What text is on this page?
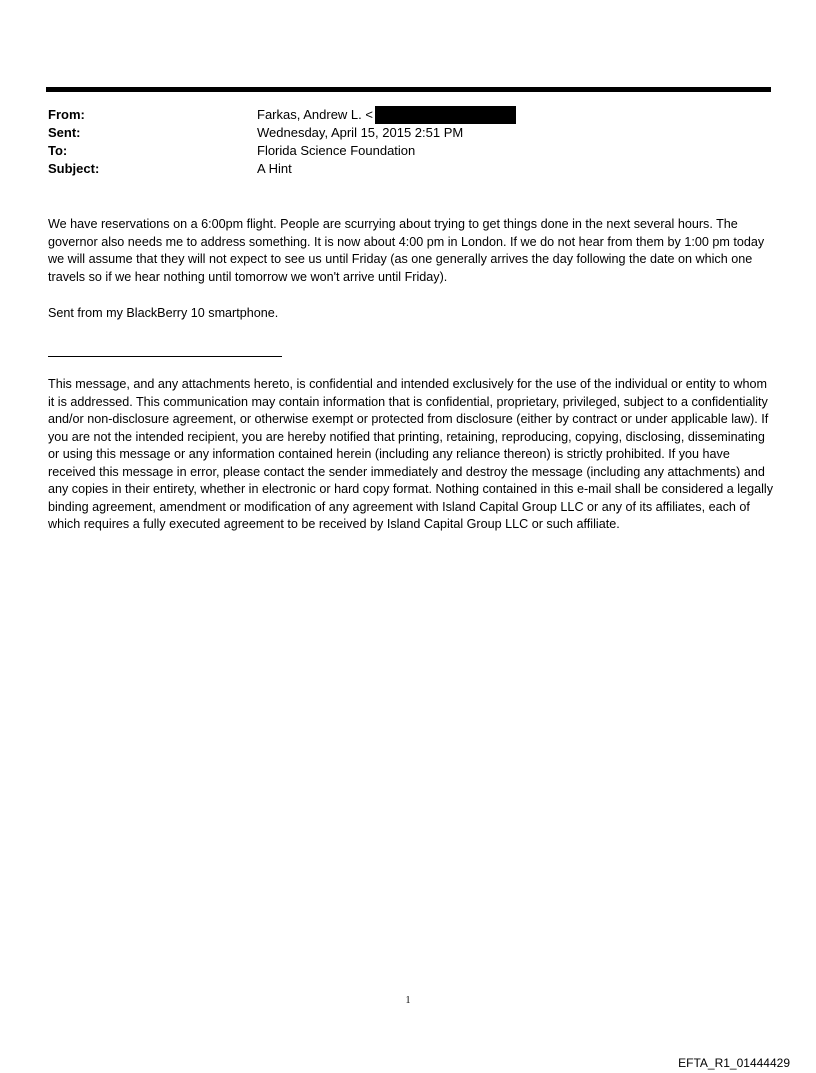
From:	Farkas, Andrew L. <
Sent:	Wednesday, April 15, 2015 2:51 PM
To:	Florida Science Foundation
Subject:	A Hint
We have reservations on a 6:00pm flight. People are scurrying about trying to get things done in the next several hours. The governor also needs me to address something. It is now about 4:00 pm in London. If we do not hear from them by 1:00 pm today we will assume that they will not expect to see us until Friday (as one generally arrives the day following the date on which one travels so if we hear nothing until tomorrow we won't arrive until Friday).
Sent from my BlackBerry 10 smartphone.
This message, and any attachments hereto, is confidential and intended exclusively for the use of the individual or entity to whom it is addressed. This communication may contain information that is confidential, proprietary, privileged, subject to a confidentiality and/or non-disclosure agreement, or otherwise exempt or protected from disclosure (either by contract or under applicable law). If you are not the intended recipient, you are hereby notified that printing, retaining, reproducing, copying, disclosing, disseminating or using this message or any information contained herein (including any reliance thereon) is strictly prohibited. If you have received this message in error, please contact the sender immediately and destroy the message (including any attachments) and any copies in their entirety, whether in electronic or hard copy format. Nothing contained in this e-mail shall be considered a legally binding agreement, amendment or modification of any agreement with Island Capital Group LLC or any of its affiliates, each of which requires a fully executed agreement to be received by Island Capital Group LLC or such affiliate.
1
EFTA_R1_01444429
